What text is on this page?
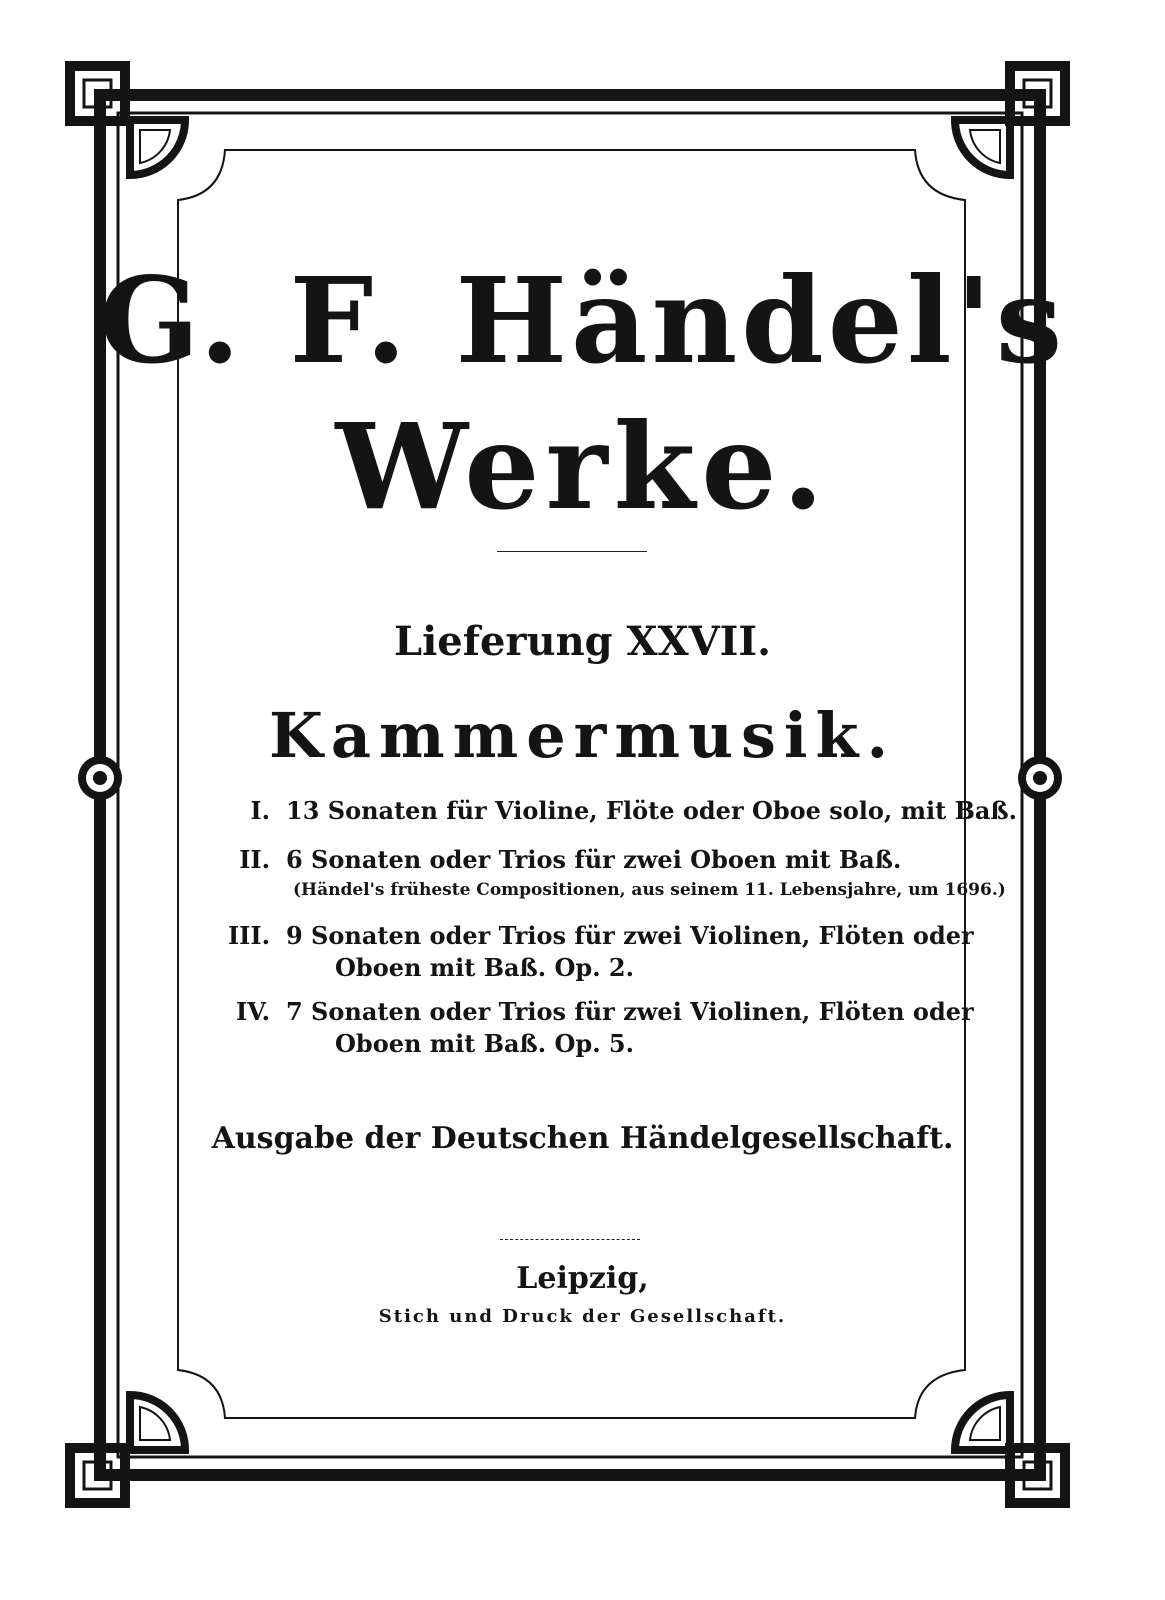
G. F. Händel's
Werke.
Lieferung XXVII.
Kammermusik.
I. 13 Sonaten für Violine, Flöte oder Oboe solo, mit Baß.
II. 6 Sonaten oder Trios für zwei Oboen mit Baß.
(Händel's früheste Compositionen, aus seinem 11. Lebensjahre, um 1696.)
III. 9 Sonaten oder Trios für zwei Violinen, Flöten oder
Oboen mit Baß. Op. 2.
IV. 7 Sonaten oder Trios für zwei Violinen, Flöten oder
Oboen mit Baß. Op. 5.
Ausgabe der Deutschen Händelgesellschaft.
Leipzig,
Stich und Druck der Gesellschaft.
